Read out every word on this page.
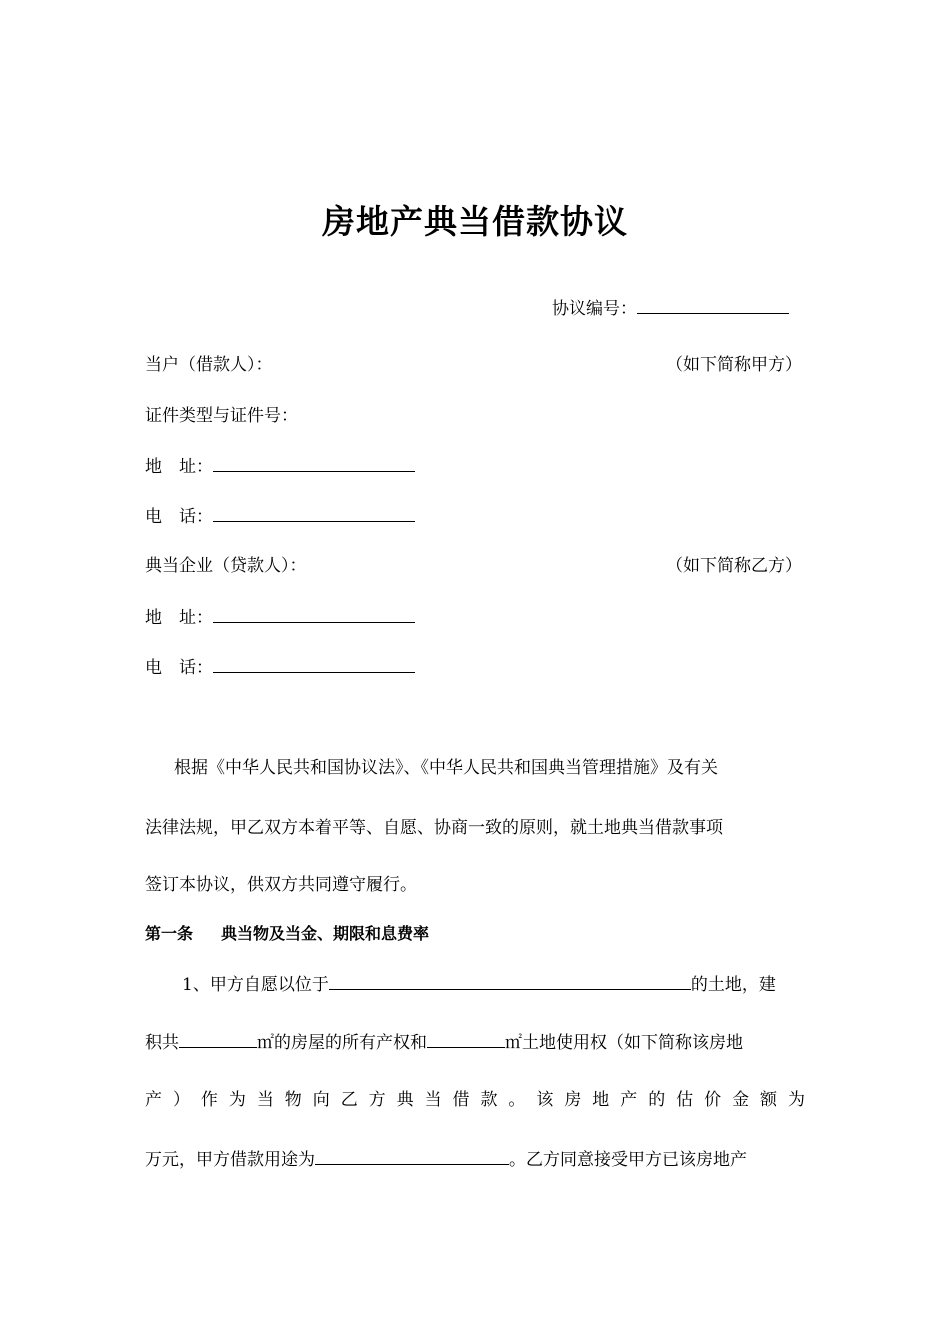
房地产典当借款协议
协议编号：
当户（借款人）：	（如下简称甲方）
证件类型与证件号：
地　址：
电　话：
典当企业（贷款人）：	（如下简称乙方）
地　址：
电　话：
根据《中华人民共和国协议法》、《中华人民共和国典当管理措施》及有关
法律法规，甲乙双方本着平等、自愿、协商一致的原则，就土地典当借款事项
签订本协议，供双方共同遵守履行。
第一条 典当物及当金、期限和息费率
1、甲方自愿以位于	的土地，建
积共	㎡的房屋的所有产权和	㎡土地使用权（如下简称该房地
产）作为当物向乙方典当借款。该房地产的估价金额为
万元，甲方借款用途为	。乙方同意接受甲方已该房地产
